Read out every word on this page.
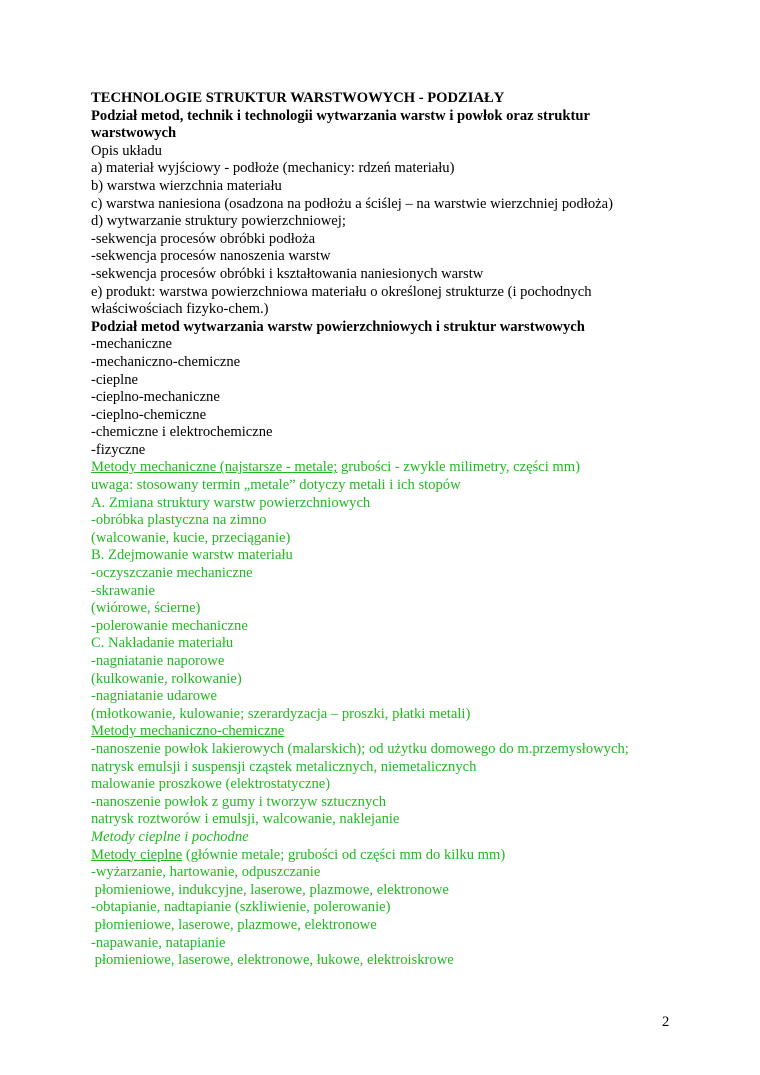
TECHNOLOGIE STRUKTUR WARSTWOWYCH - PODZIAŁY
Podział metod, technik i technologii wytwarzania warstw i powłok oraz struktur
warstwowych
Opis układu
a) materiał wyjściowy - podłoże (mechanicy: rdzeń materiału)
b) warstwa wierzchnia materiału
c) warstwa naniesiona (osadzona na podłożu a ściślej – na warstwie wierzchniej podłoża)
d) wytwarzanie struktury powierzchniowej;
-sekwencja procesów obróbki podłoża
-sekwencja procesów nanoszenia warstw
-sekwencja procesów obróbki i kształtowania naniesionych warstw
e) produkt: warstwa powierzchniowa materiału o określonej strukturze (i pochodnych
właściwościach fizyko-chem.)
Podział metod wytwarzania warstw powierzchniowych i struktur warstwowych
-mechaniczne
-mechaniczno-chemiczne
-cieplne
-cieplno-mechaniczne
-cieplno-chemiczne
-chemiczne i elektrochemiczne
-fizyczne
Metody mechaniczne (najstarsze - metale; grubości - zwykle milimetry, części mm)
uwaga: stosowany termin „metale” dotyczy metali i ich stopów
A. Zmiana struktury warstw powierzchniowych
-obróbka plastyczna na zimno
(walcowanie, kucie, przeciąganie)
B. Zdejmowanie warstw materiału
-oczyszczanie mechaniczne
-skrawanie
(wiórowe, ścierne)
-polerowanie mechaniczne
C. Nakładanie materiału
-nagniatanie naporowe
(kulkowanie, rolkowanie)
-nagniatanie udarowe
(młotkowanie, kulowanie; szerardyzacja – proszki, płatki metali)
Metody mechaniczno-chemiczne
-nanoszenie powłok lakierowych (malarskich); od użytku domowego do m.przemysłowych;
natrysk emulsji i suspensji cząstek metalicznych, niemetalicznych
malowanie proszkowe (elektrostatyczne)
-nanoszenie powłok z gumy i tworzyw sztucznych
natrysk roztworów i emulsji, walcowanie, naklejanie
Metody cieplne i pochodne
Metody cieplne (głównie metale; grubości od części mm do kilku mm)
-wyżarzanie, hartowanie, odpuszczanie
płomieniowe, indukcyjne, laserowe, plazmowe, elektronowe
-obtapianie, nadtapianie (szkliwienie, polerowanie)
płomieniowe, laserowe, plazmowe, elektronowe
-napawanie, natapianie
płomieniowe, laserowe, elektronowe, łukowe, elektroiskrowe
2
